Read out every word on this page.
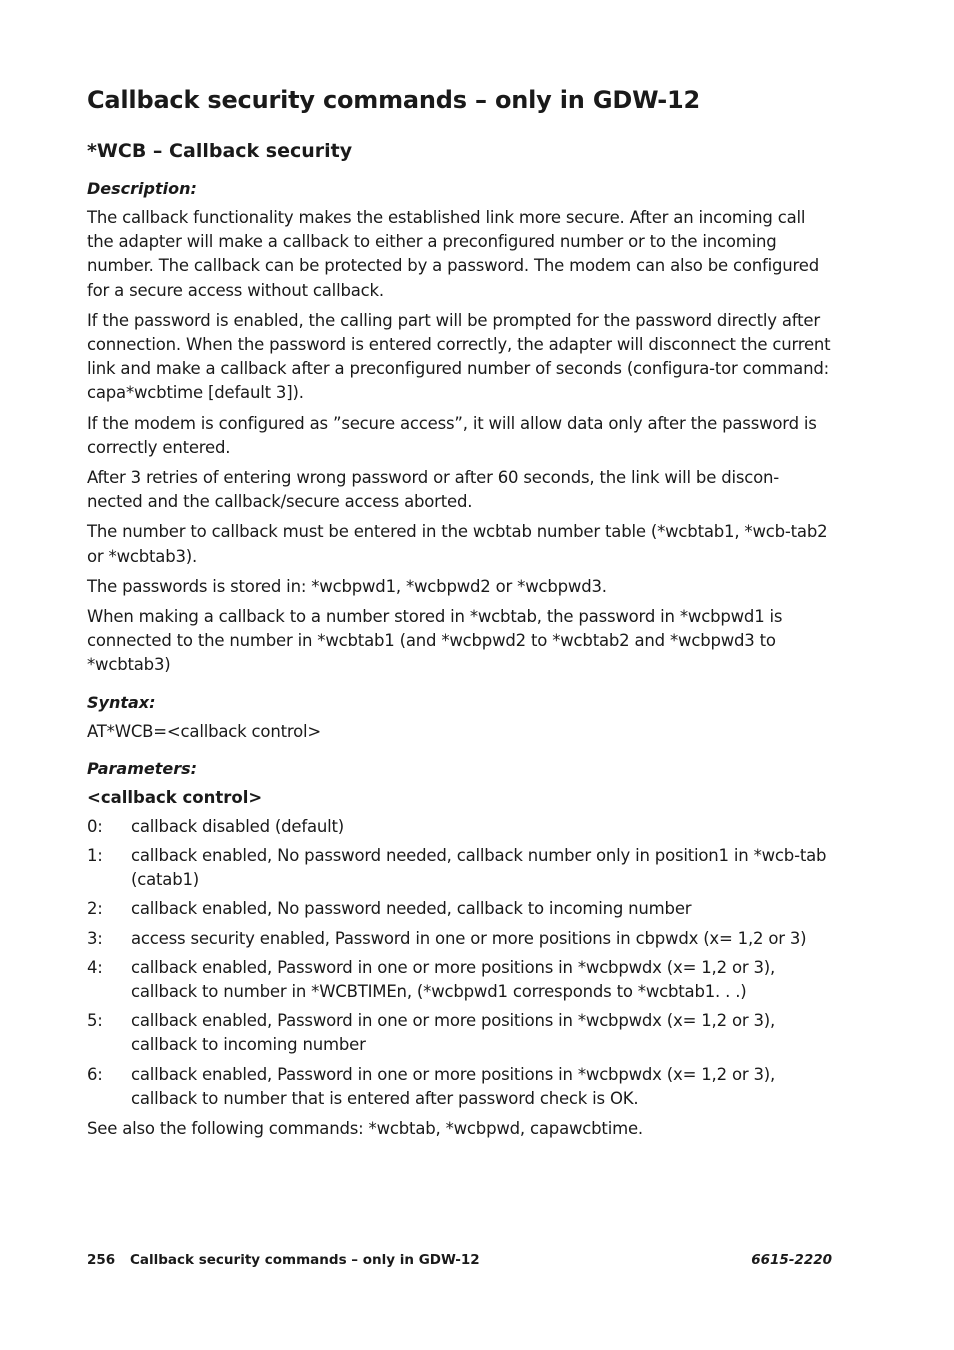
Callback security commands – only in GDW-12
*WCB – Callback security
Description:

The callback functionality makes the established link more secure. After an incoming call the adapter will make a callback to either a preconfigured number or to the incoming number. The callback can be protected by a password. The modem can also be configured for a secure access without callback.

If the password is enabled, the calling part will be prompted for the password directly after connection. When the password is entered correctly, the adapter will disconnect the current link and make a callback after a preconfigured number of seconds (configura-tor command: capa*wcbtime [default 3]).

If the modem is configured as ”secure access”, it will allow data only after the password is correctly entered.

After 3 retries of entering wrong password or after 60 seconds, the link will be discon-nected and the callback/secure access aborted.

The number to callback must be entered in the wcbtab number table (*wcbtab1, *wcb-tab2 or *wcbtab3).

The passwords is stored in: *wcbpwd1, *wcbpwd2 or *wcbpwd3.

When making a callback to a number stored in *wcbtab, the password in *wcbpwd1 is connected to the number in *wcbtab1 (and *wcbpwd2 to *wcbtab2 and *wcbpwd3 to *wcbtab3)

Syntax:

AT*WCB=<callback control>

Parameters:
<callback control>
0:	callback disabled (default)
1:	callback enabled, No password needed, callback number only in position1 in *wcb-tab (catab1)
2:	callback enabled, No password needed, callback to incoming number
3:	access security enabled, Password in one or more positions in cbpwdx (x= 1,2 or 3)
4:	callback enabled, Password in one or more positions in *wcbpwdx (x= 1,2 or 3), callback to number in *WCBTIMEn, (*wcbpwd1 corresponds to *wcbtab1. . .)
5:	callback enabled, Password in one or more positions in *wcbpwdx (x= 1,2 or 3), callback to incoming number
6:	callback enabled, Password in one or more positions in *wcbpwdx (x= 1,2 or 3), callback to number that is entered after password check is OK.

See also the following commands: *wcbtab, *wcbpwd, capawcbtime.

256	Callback security commands – only in GDW-12	6615-2220
